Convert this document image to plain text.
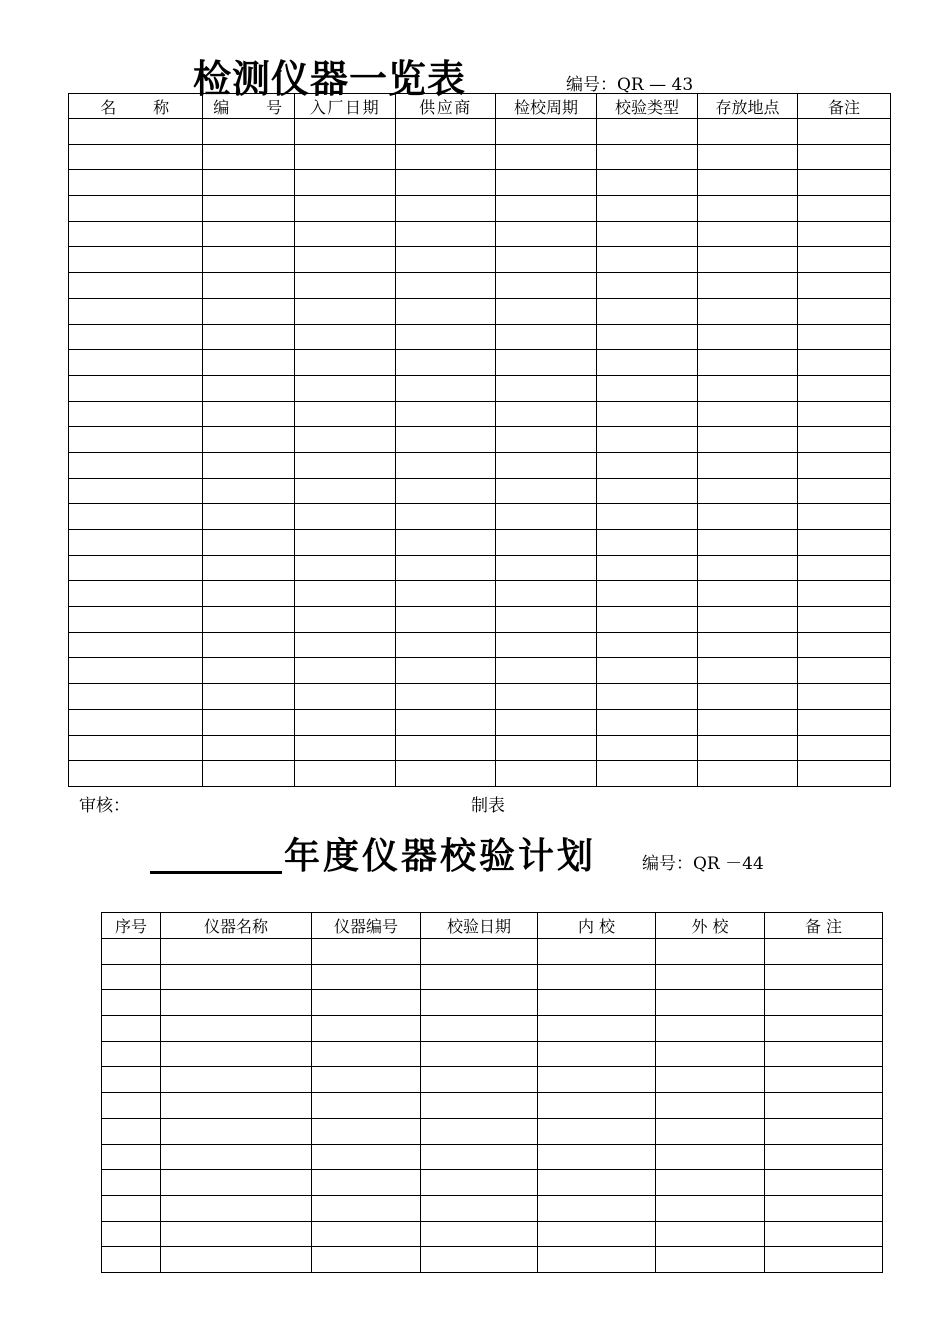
检测仪器一览表	编号：QR — 43
名　　称	编　　号	入厂日期	供应商	检校周期	校验类型	存放地点	备注

审核：	制表
年度仪器校验计划	编号：QR －44
序号	仪器名称	仪器编号	校验日期	内 校	外 校	备 注
